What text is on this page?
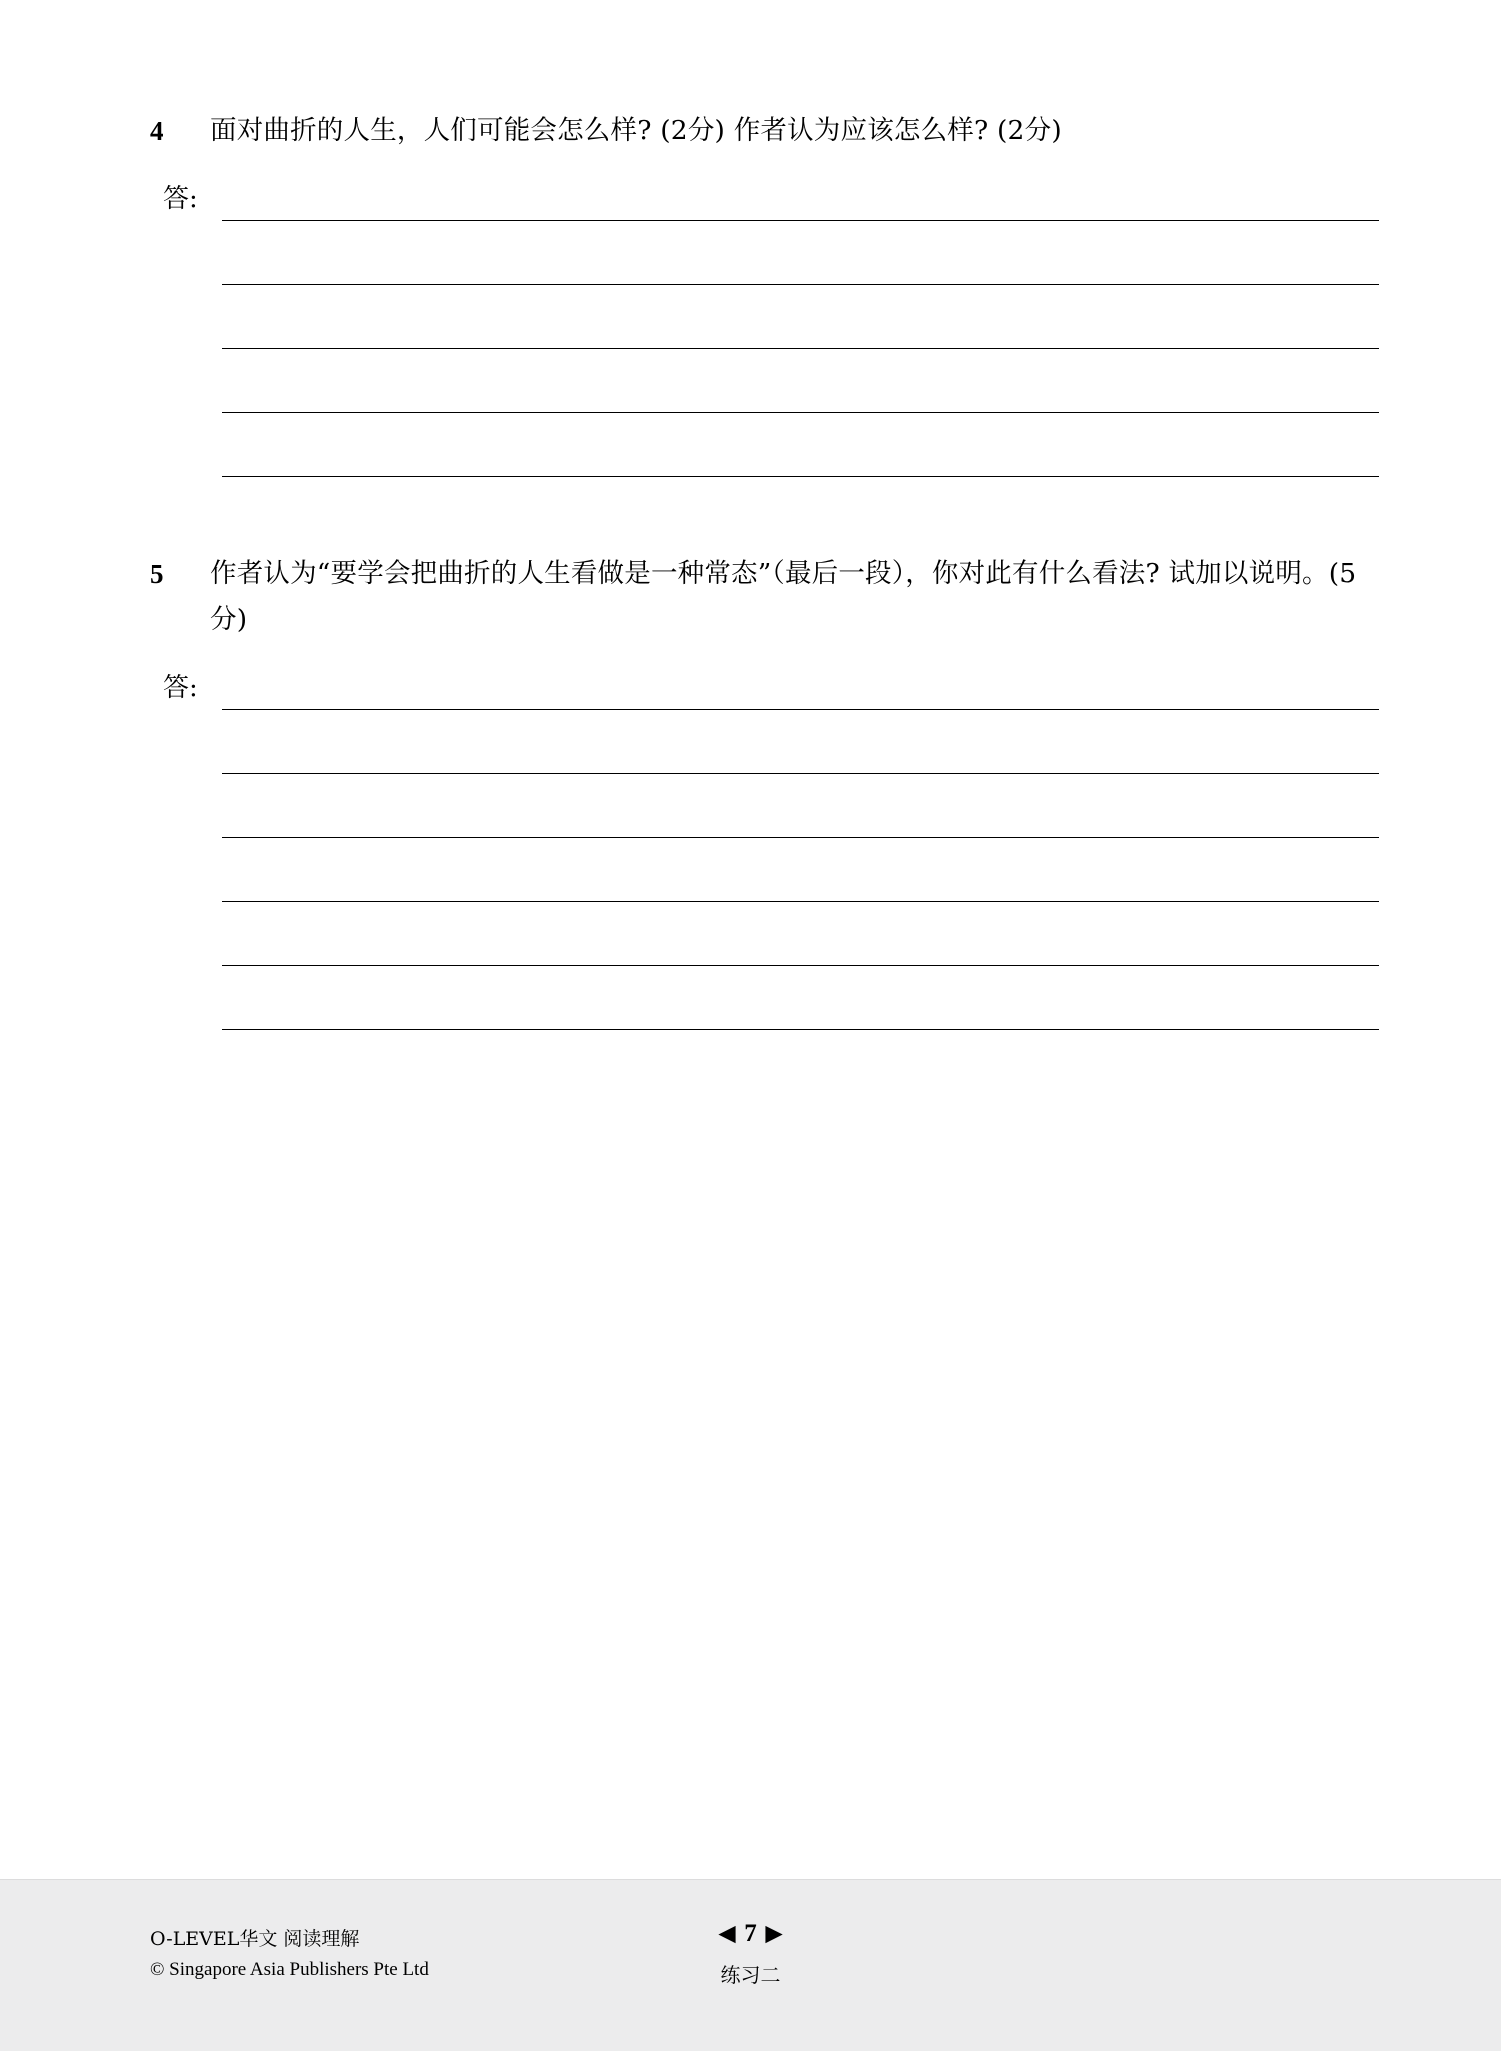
4	面对曲折的人生，人们可能会怎么样? (2分) 作者认为应该怎么样? (2分)
答:
5	作者认为“要学会把曲折的人生看做是一种常态”（最后一段），你对此有什么看法? 试加以说明。(5分)
答:
O-LEVEL华文 阅读理解
© Singapore Asia Publishers Pte Ltd
◀ 7 ▶
练习二
